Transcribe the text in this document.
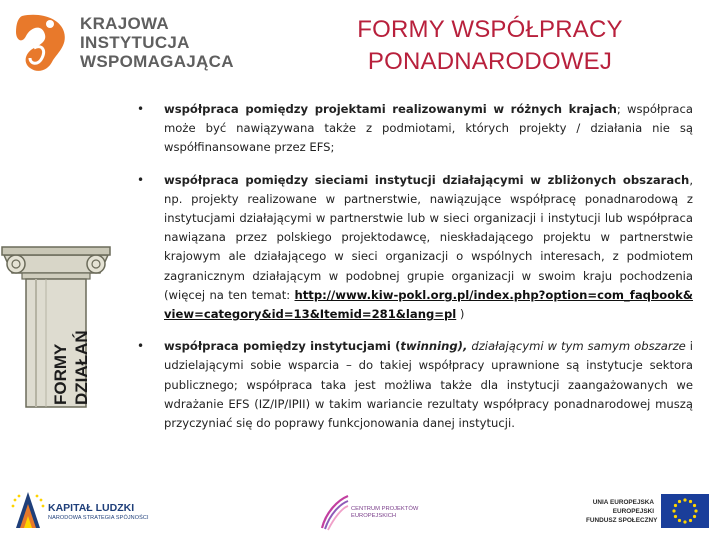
KRAJOWA
INSTYTUCJA
WSPOMAGAJĄCA
FORMY WSPÓŁPRACY
PONADNARODOWEJ
FORMY DZIAŁAŃ
• współpraca pomiędzy projektami realizowanymi w różnych krajach; współpraca może być nawiązywana także z podmiotami, których projekty / działania nie są współfinansowane przez EFS;
• współpraca pomiędzy sieciami instytucji działającymi w zbliżonych obszarach, np. projekty realizowane w partnerstwie, nawiązujące współpracę ponadnarodową z instytucjami działającymi w partnerstwie lub w sieci organizacji i instytucji lub współpraca nawiązana przez polskiego projektodawcę, nieskładającego projektu w partnerstwie krajowym ale działającego w sieci organizacji o wspólnych interesach, z podmiotem zagranicznym działającym w podobnej grupie organizacji w swoim kraju pochodzenia (więcej na ten temat: http://www.kiw-pokl.org.pl/index.php?option=com_faqbook&view=category&id=13&Itemid=281&lang=pl )
• współpraca pomiędzy instytucjami (twinning), działającymi w tym samym obszarze i udzielającymi sobie wsparcia – do takiej współpracy uprawnione są instytucje sektora publicznego; współpraca taka jest możliwa także dla instytucji zaangażowanych we wdrażanie EFS (IZ/IP/IPII) w takim wariancie rezultaty współpracy ponadnarodowej muszą przyczyniać się do poprawy funkcjonowania danej instytucji.
KAPITAŁ LUDZKI
NARODOWA STRATEGIA SPÓJNOŚCI
CENTRUM PROJEKTÓW
EUROPEJSKICH
UNIA EUROPEJSKA
EUROPEJSKI
FUNDUSZ SPOŁECZNY
